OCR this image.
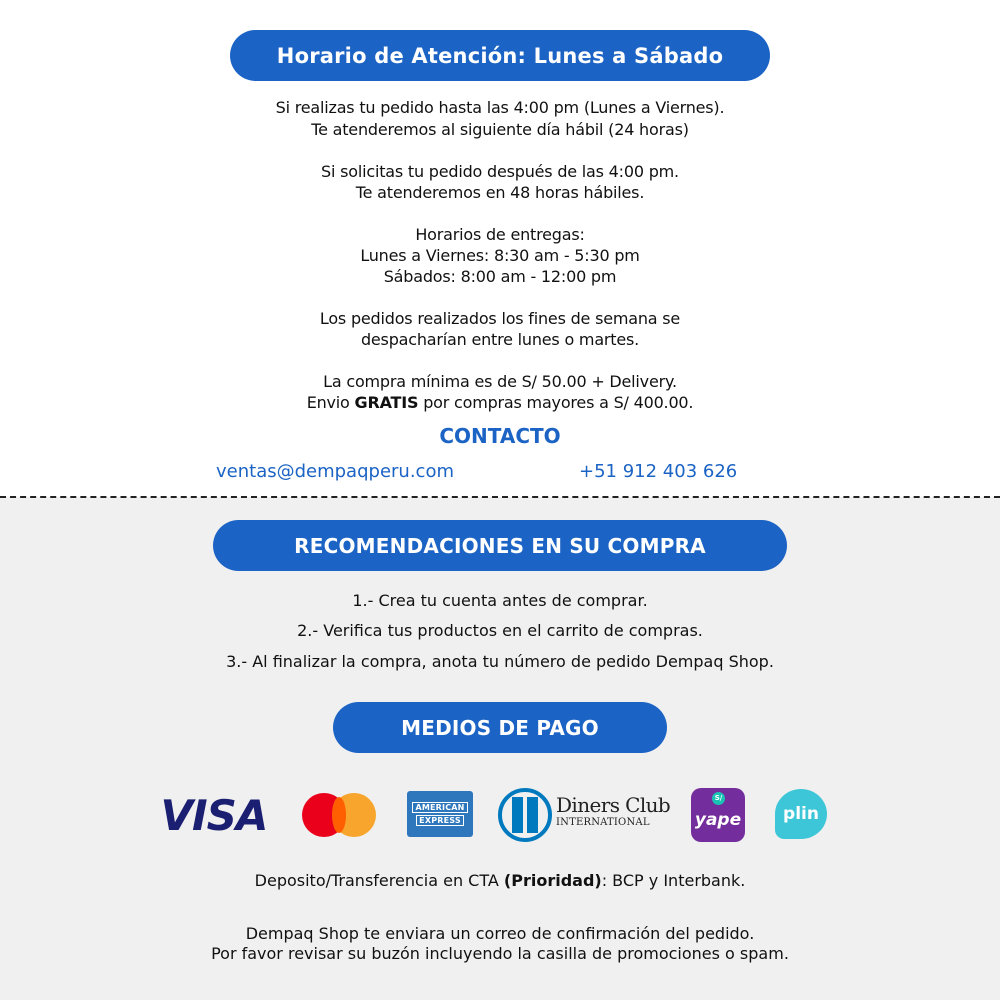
Horario de Atención: Lunes a Sábado
Si realizas tu pedido hasta las 4:00 pm (Lunes a Viernes).
Te atenderemos al siguiente día hábil (24 horas)
Si solicitas tu pedido después de las 4:00 pm.
Te atenderemos en 48 horas hábiles.
Horarios de entregas:
Lunes a Viernes: 8:30 am - 5:30 pm
Sábados: 8:00 am - 12:00 pm
Los pedidos realizados los fines de semana se
despacharían entre lunes o martes.
La compra mínima es de S/ 50.00 + Delivery.
Envio GRATIS por compras mayores a S/ 400.00.
CONTACTO
ventas@dempaqperu.com	+51 912 403 626
RECOMENDACIONES EN SU COMPRA
1.- Crea tu cuenta antes de comprar.
2.- Verifica tus productos en el carrito de compras.
3.- Al finalizar la compra, anota tu número de pedido Dempaq Shop.
MEDIOS DE PAGO
VISA	AMERICAN
EXPRESS
Diners Club
INTERNATIONAL
S/
yape	plin
Deposito/Transferencia en CTA (Prioridad): BCP y Interbank.
Dempaq Shop te enviara un correo de confirmación del pedido.
Por favor revisar su buzón incluyendo la casilla de promociones o spam.
